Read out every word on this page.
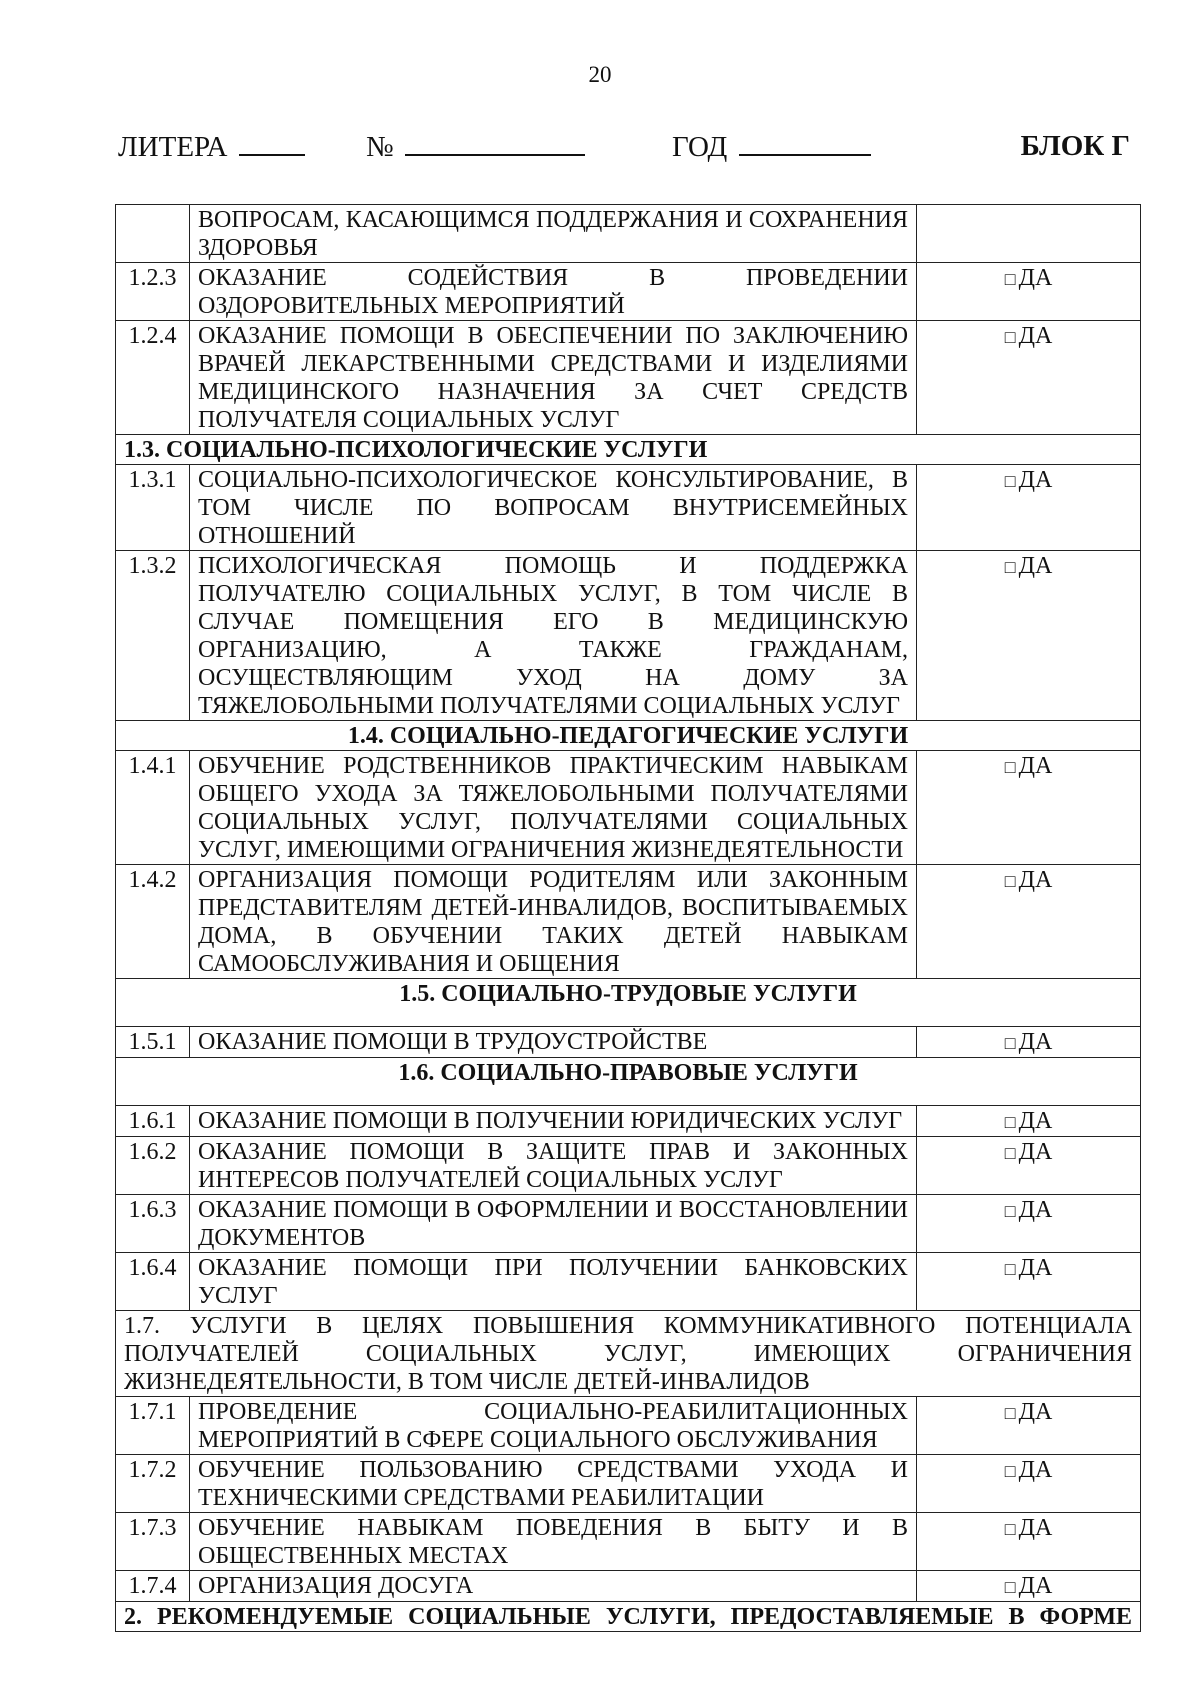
20
ЛИТЕРА	№	ГОД	БЛОК Г
	ВОПРОСАМ, КАСАЮЩИМСЯ ПОДДЕРЖАНИЯ И СОХРАНЕНИЯ ЗДОРОВЬЯ	
1.2.3	ОКАЗАНИЕ СОДЕЙСТВИЯ В ПРОВЕДЕНИИ ОЗДОРОВИТЕЛЬНЫХ МЕРОПРИЯТИЙ	□ ДА
1.2.4	ОКАЗАНИЕ ПОМОЩИ В ОБЕСПЕЧЕНИИ ПО ЗАКЛЮЧЕНИЮ ВРАЧЕЙ ЛЕКАРСТВЕННЫМИ СРЕДСТВАМИ И ИЗДЕЛИЯМИ МЕДИЦИНСКОГО НАЗНАЧЕНИЯ ЗА СЧЕТ СРЕДСТВ ПОЛУЧАТЕЛЯ СОЦИАЛЬНЫХ УСЛУГ	□ ДА
1.3. СОЦИАЛЬНО-ПСИХОЛОГИЧЕСКИЕ УСЛУГИ		
1.3.1	СОЦИАЛЬНО-ПСИХОЛОГИЧЕСКОЕ КОНСУЛЬТИРОВАНИЕ, В ТОМ ЧИСЛЕ ПО ВОПРОСАМ ВНУТРИСЕМЕЙНЫХ ОТНОШЕНИЙ	□ ДА
1.3.2	ПСИХОЛОГИЧЕСКАЯ ПОМОЩЬ И ПОДДЕРЖКА ПОЛУЧАТЕЛЮ СОЦИАЛЬНЫХ УСЛУГ, В ТОМ ЧИСЛЕ В СЛУЧАЕ ПОМЕЩЕНИЯ ЕГО В МЕДИЦИНСКУЮ ОРГАНИЗАЦИЮ, А ТАКЖЕ ГРАЖДАНАМ, ОСУЩЕСТВЛЯЮЩИМ УХОД НА ДОМУ ЗА ТЯЖЕЛОБОЛЬНЫМИ ПОЛУЧАТЕЛЯМИ СОЦИАЛЬНЫХ УСЛУГ	□ ДА
1.4. СОЦИАЛЬНО-ПЕДАГОГИЧЕСКИЕ УСЛУГИ		
1.4.1	ОБУЧЕНИЕ РОДСТВЕННИКОВ ПРАКТИЧЕСКИМ НАВЫКАМ ОБЩЕГО УХОДА ЗА ТЯЖЕЛОБОЛЬНЫМИ ПОЛУЧАТЕЛЯМИ СОЦИАЛЬНЫХ УСЛУГ, ПОЛУЧАТЕЛЯМИ СОЦИАЛЬНЫХ УСЛУГ, ИМЕЮЩИМИ ОГРАНИЧЕНИЯ ЖИЗНЕДЕЯТЕЛЬНОСТИ	□ ДА
1.4.2	ОРГАНИЗАЦИЯ ПОМОЩИ РОДИТЕЛЯМ ИЛИ ЗАКОННЫМ ПРЕДСТАВИТЕЛЯМ ДЕТЕЙ-ИНВАЛИДОВ, ВОСПИТЫВАЕМЫХ ДОМА, В ОБУЧЕНИИ ТАКИХ ДЕТЕЙ НАВЫКАМ САМООБСЛУЖИВАНИЯ И ОБЩЕНИЯ	□ ДА
1.5. СОЦИАЛЬНО-ТРУДОВЫЕ УСЛУГИ		
1.5.1	ОКАЗАНИЕ ПОМОЩИ В ТРУДОУСТРОЙСТВЕ	□ ДА
1.6. СОЦИАЛЬНО-ПРАВОВЫЕ УСЛУГИ		
1.6.1	ОКАЗАНИЕ ПОМОЩИ В ПОЛУЧЕНИИ ЮРИДИЧЕСКИХ УСЛУГ	□ ДА
1.6.2	ОКАЗАНИЕ ПОМОЩИ В ЗАЩИТЕ ПРАВ И ЗАКОННЫХ ИНТЕРЕСОВ ПОЛУЧАТЕЛЕЙ СОЦИАЛЬНЫХ УСЛУГ	□ ДА
1.6.3	ОКАЗАНИЕ ПОМОЩИ В ОФОРМЛЕНИИ И ВОССТАНОВЛЕНИИ ДОКУМЕНТОВ	□ ДА
1.6.4	ОКАЗАНИЕ ПОМОЩИ ПРИ ПОЛУЧЕНИИ БАНКОВСКИХ УСЛУГ	□ ДА
1.7. УСЛУГИ В ЦЕЛЯХ ПОВЫШЕНИЯ КОММУНИКАТИВНОГО ПОТЕНЦИАЛА ПОЛУЧАТЕЛЕЙ СОЦИАЛЬНЫХ УСЛУГ, ИМЕЮЩИХ ОГРАНИЧЕНИЯ ЖИЗНЕДЕЯТЕЛЬНОСТИ, В ТОМ ЧИСЛЕ ДЕТЕЙ-ИНВАЛИДОВ		
1.7.1	ПРОВЕДЕНИЕ СОЦИАЛЬНО-РЕАБИЛИТАЦИОННЫХ МЕРОПРИЯТИЙ В СФЕРЕ СОЦИАЛЬНОГО ОБСЛУЖИВАНИЯ	□ ДА
1.7.2	ОБУЧЕНИЕ ПОЛЬЗОВАНИЮ СРЕДСТВАМИ УХОДА И ТЕХНИЧЕСКИМИ СРЕДСТВАМИ РЕАБИЛИТАЦИИ	□ ДА
1.7.3	ОБУЧЕНИЕ НАВЫКАМ ПОВЕДЕНИЯ В БЫТУ И В ОБЩЕСТВЕННЫХ МЕСТАХ	□ ДА
1.7.4	ОРГАНИЗАЦИЯ ДОСУГА	□ ДА
2. РЕКОМЕНДУЕМЫЕ СОЦИАЛЬНЫЕ УСЛУГИ, ПРЕДОСТАВЛЯЕМЫЕ В ФОРМЕ		
